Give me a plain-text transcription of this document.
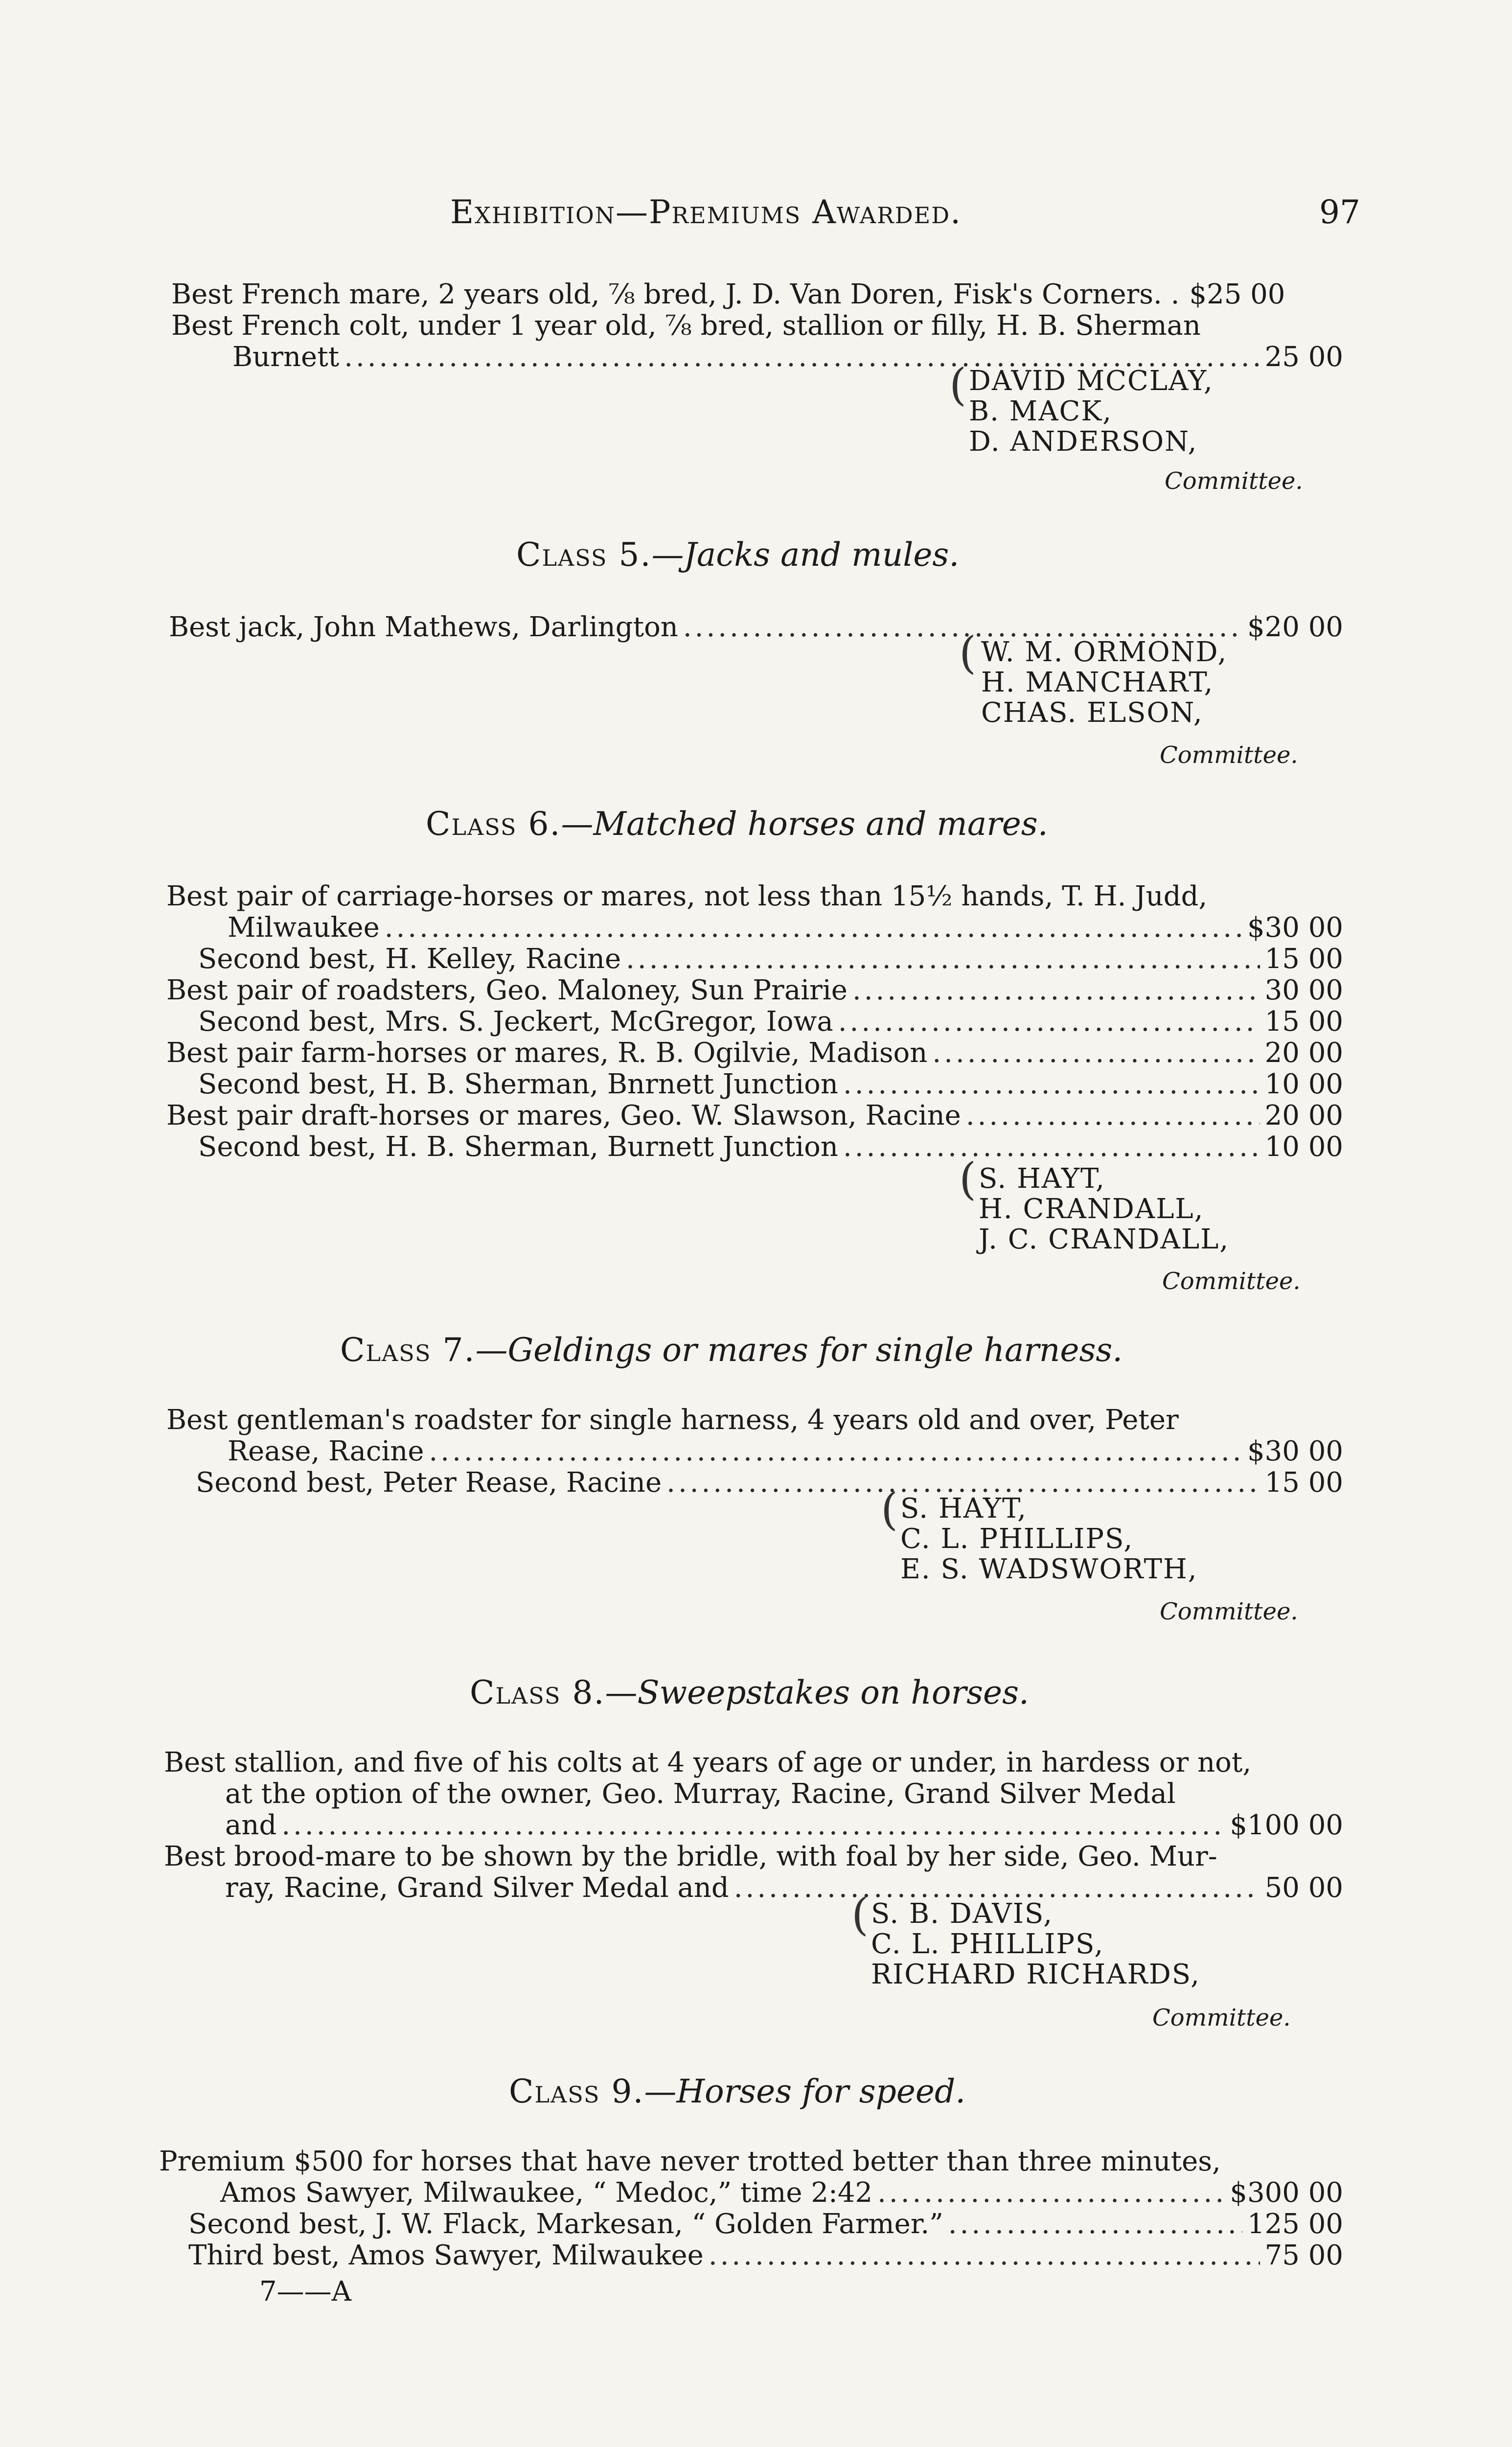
Exhibition—Premiums Awarded.	97
Best French mare, 2 years old, ⅞ bred, J. D. Van Doren, Fisk's Corners. . $25 00
Best French colt, under 1 year old, ⅞ bred, stallion or filly, H. B. Sherman
Burnett .....	25 00
( DAVID MCCLAY,
B. MACK,
D. ANDERSON,
Committee.
Class 5.—Jacks and mules.
Best jack, John Mathews, Darlington .....	$20 00
( W. M. ORMOND,
H. MANCHART,
CHAS. ELSON,
Committee.
Class 6.—Matched horses and mares.
Best pair of carriage-horses or mares, not less than 15½ hands, T. H. Judd,
Milwaukee .....	$30 00
Second best, H. Kelley, Racine .....	15 00
Best pair of roadsters, Geo. Maloney, Sun Prairie .....	30 00
Second best, Mrs. S. Jeckert, McGregor, Iowa .....	15 00
Best pair farm-horses or mares, R. B. Ogilvie, Madison .....	20 00
Second best, H. B. Sherman, Bnrnett Junction .....	10 00
Best pair draft-horses or mares, Geo. W. Slawson, Racine .....	20 00
Second best, H. B. Sherman, Burnett Junction .....	10 00
( S. HAYT,
H. CRANDALL,
J. C. CRANDALL,
Committee.
Class 7.—Geldings or mares for single harness.
Best gentleman's roadster for single harness, 4 years old and over, Peter
Rease, Racine .....	$30 00
Second best, Peter Rease, Racine .....	15 00
( S. HAYT,
C. L. PHILLIPS,
E. S. WADSWORTH,
Committee.
Class 8.—Sweepstakes on horses.
Best stallion, and five of his colts at 4 years of age or under, in hardess or not,
at the option of the owner, Geo. Murray, Racine, Grand Silver Medal
and .....	$100 00
Best brood-mare to be shown by the bridle, with foal by her side, Geo. Mur-
ray, Racine, Grand Silver Medal and .....	50 00
( S. B. DAVIS,
C. L. PHILLIPS,
RICHARD RICHARDS,
Committee.
Class 9.—Horses for speed.
Premium $500 for horses that have never trotted better than three minutes,
Amos Sawyer, Milwaukee, “ Medoc,” time 2:42 .....	$300 00
Second best, J. W. Flack, Markesan, “ Golden Farmer.” .....	125 00
Third best, Amos Sawyer, Milwaukee .....	75 00
7——A
